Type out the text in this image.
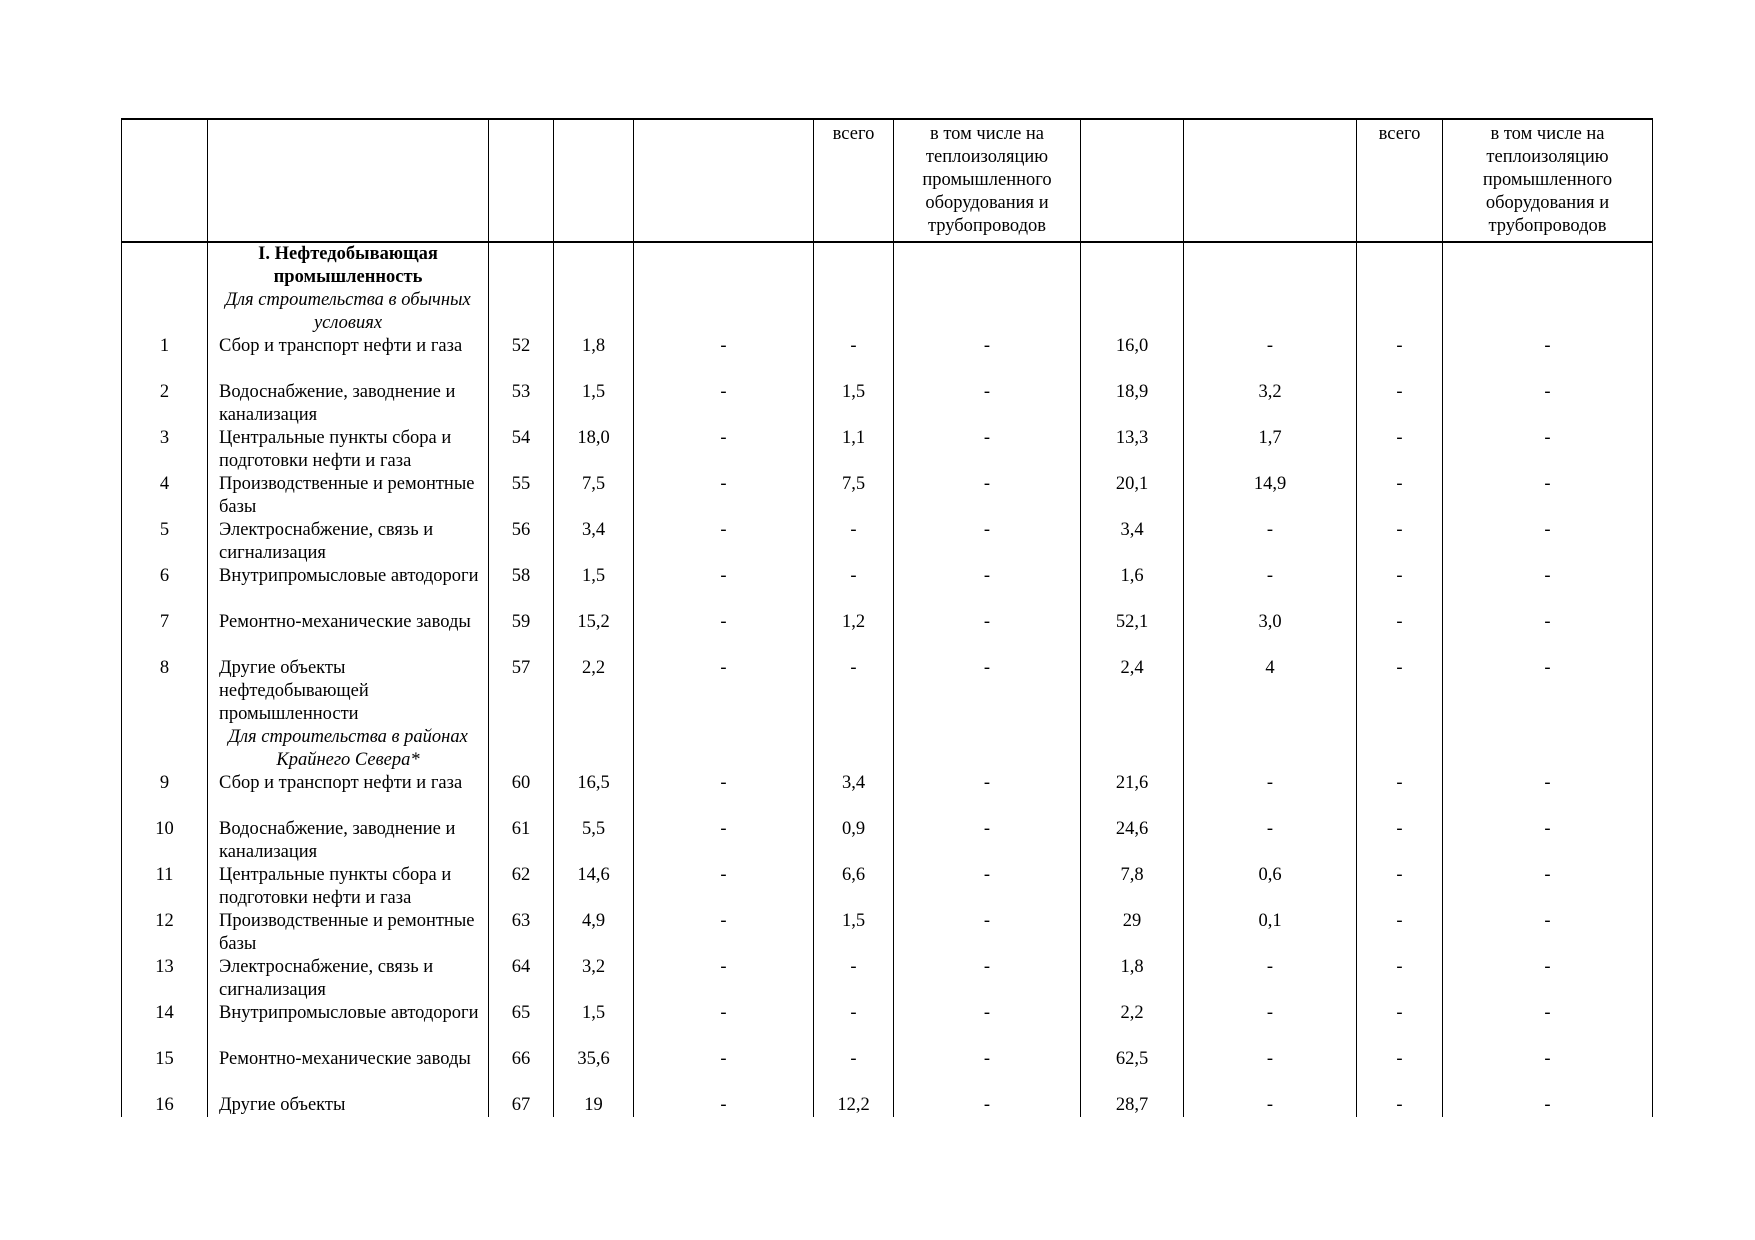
					всего	в том числе на теплоизоляцию промышленного оборудования и трубопроводов			всего	в том числе на теплоизоляцию промышленного оборудования и трубопроводов
	I. Нефтедобывающая промышленность									
	Для строительства в обычных условиях									
1	Сбор и транспорт нефти и газа	52	1,8	-	-	-	16,0	-	-	-
2	Водоснабжение, заводнение и канализация	53	1,5	-	1,5	-	18,9	3,2	-	-
3	Центральные пункты сбора и подготовки нефти и газа	54	18,0	-	1,1	-	13,3	1,7	-	-
4	Производственные и ремонтные базы	55	7,5	-	7,5	-	20,1	14,9	-	-
5	Электроснабжение, связь и сигнализация	56	3,4	-	-	-	3,4	-	-	-
6	Внутрипромысловые автодороги	58	1,5	-	-	-	1,6	-	-	-
7	Ремонтно-механические заводы	59	15,2	-	1,2	-	52,1	3,0	-	-
8	Другие объекты нефтедобывающей промышленности	57	2,2	-	-	-	2,4	4	-	-
	Для строительства в районах Крайнего Севера*									
9	Сбор и транспорт нефти и газа	60	16,5	-	3,4	-	21,6	-	-	-
10	Водоснабжение, заводнение и канализация	61	5,5	-	0,9	-	24,6	-	-	-
11	Центральные пункты сбора и подготовки нефти и газа	62	14,6	-	6,6	-	7,8	0,6	-	-
12	Производственные и ремонтные базы	63	4,9	-	1,5	-	29	0,1	-	-
13	Электроснабжение, связь и сигнализация	64	3,2	-	-	-	1,8	-	-	-
14	Внутрипромысловые автодороги	65	1,5	-	-	-	2,2	-	-	-
15	Ремонтно-механические заводы	66	35,6	-	-	-	62,5	-	-	-
16	Другие объекты	67	19	-	12,2	-	28,7	-	-	-
